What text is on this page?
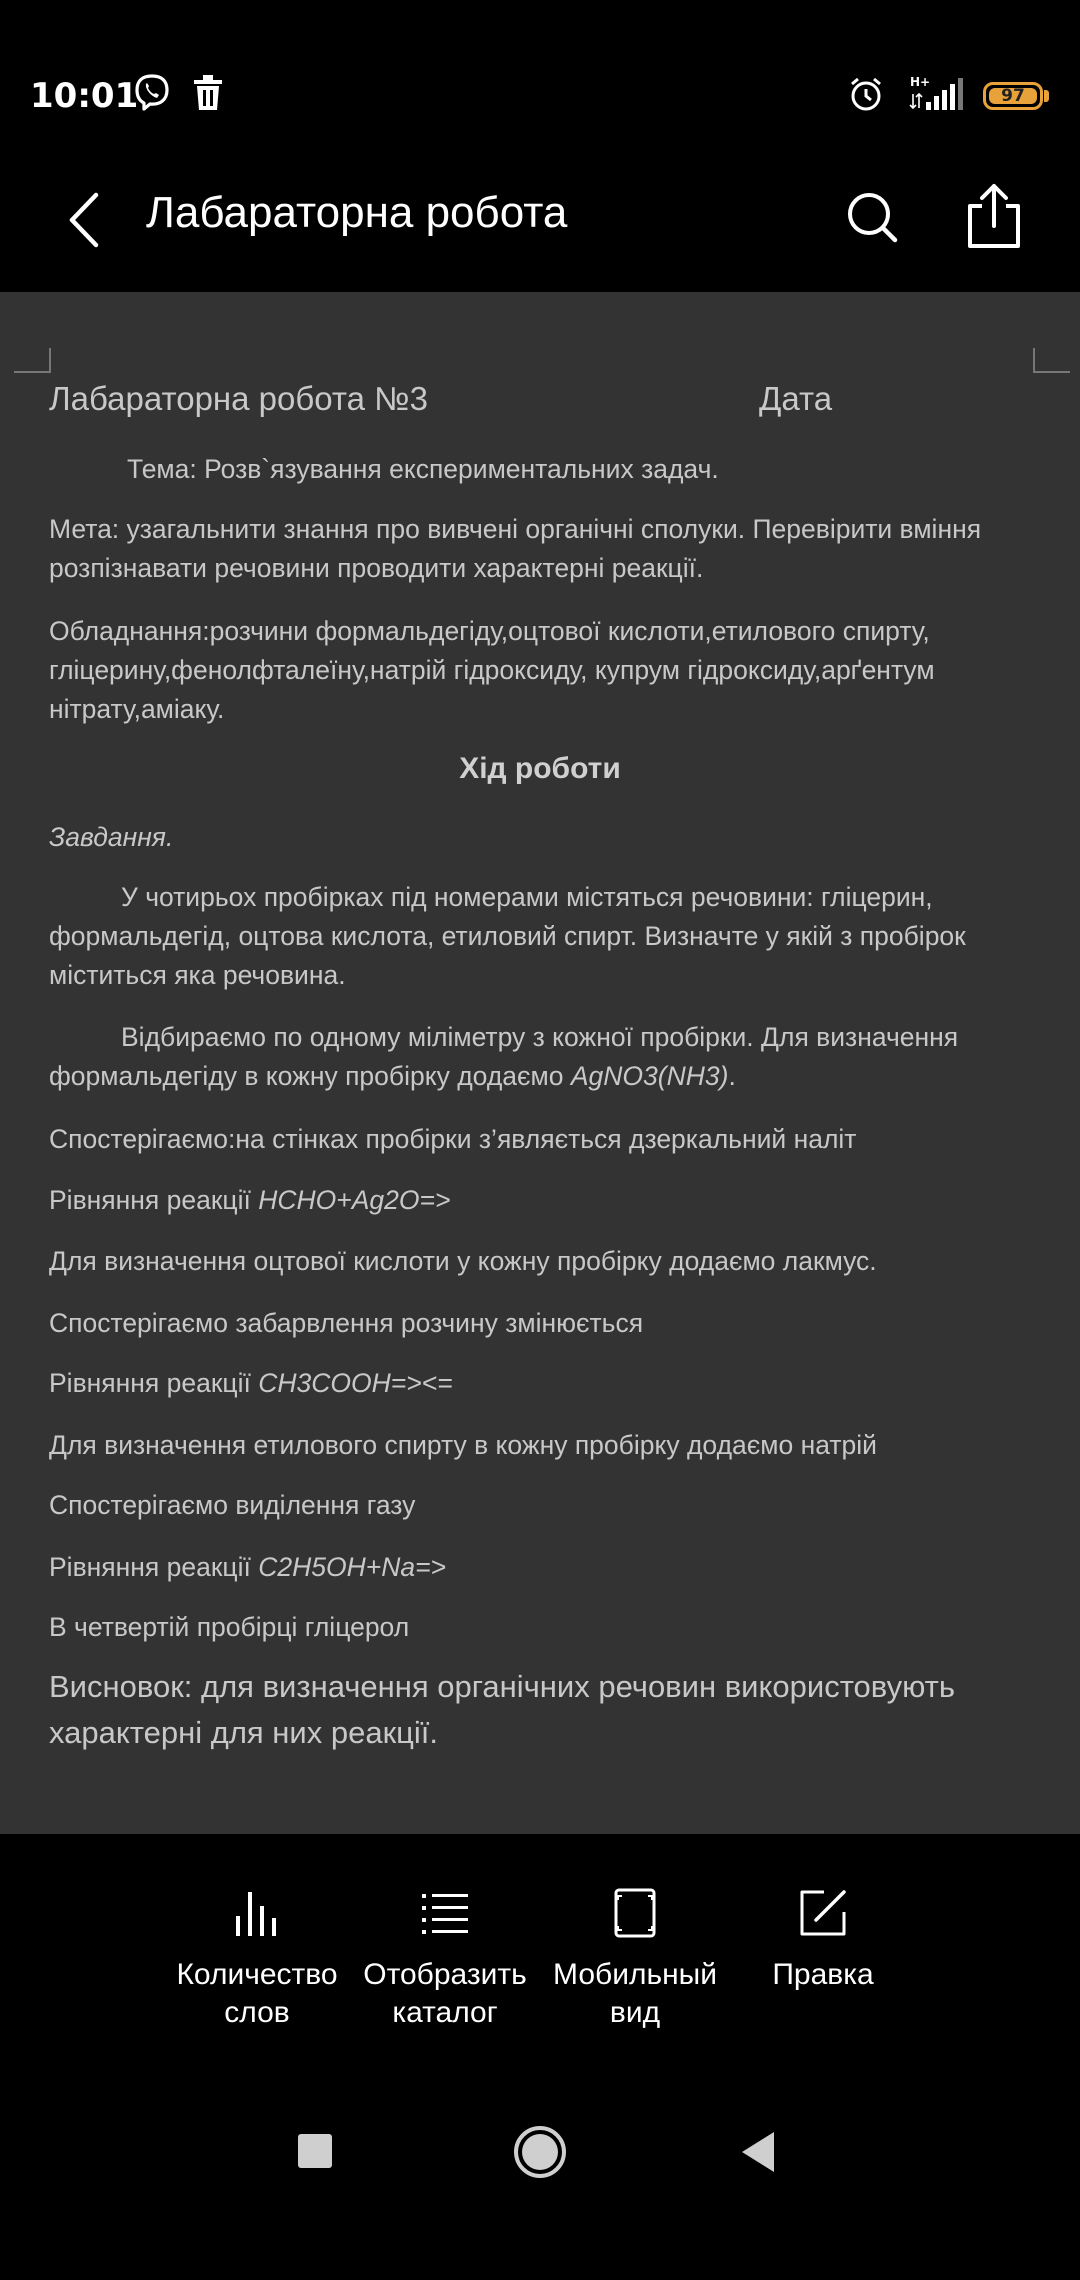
10:01	H+
97
Лабараторна робота
Лабараторна робота №3	Дата
Тема: Розв`язування експериментальних задач.
Мета: узагальнити знання про вивчені органічні сполуки. Перевірити вміння розпізнавати речовини проводити характерні реакції.
Обладнання:розчини формальдегіду,оцтової кислоти,етилового спирту, гліцерину,фенолфталеїну,натрій гідроксиду, купрум гідроксиду,арґентум нітрату,аміаку.
Хід роботи
Завдання.
У чотирьох пробірках під номерами містяться речовини: гліцерин, формальдегід, оцтова кислота, етиловий спирт. Визначте у якій з пробірок міститься яка речовина.
Відбираємо по одному міліметру з кожної пробірки. Для визначення формальдегіду в кожну пробірку додаємо AgNO3(NH3).
Спостерігаємо:на стінках пробірки з’являється дзеркальний наліт
Рівняння реакції HCHO+Ag2O=>
Для визначення оцтової кислоти у кожну пробірку додаємо лакмус.
Спостерігаємо забарвлення розчину змінюється
Рівняння реакції CH3COOH=><=
Для визначення етилового спирту в кожну пробірку додаємо натрій
Спостерігаємо виділення газу
Рівняння реакції C2H5OH+Na=>
В четвертій пробірці гліцерол
Висновок: для визначення органічних речовин використовують характерні для них реакції.
Количество слов
Отобразить каталог
Мобильный вид
Правка
